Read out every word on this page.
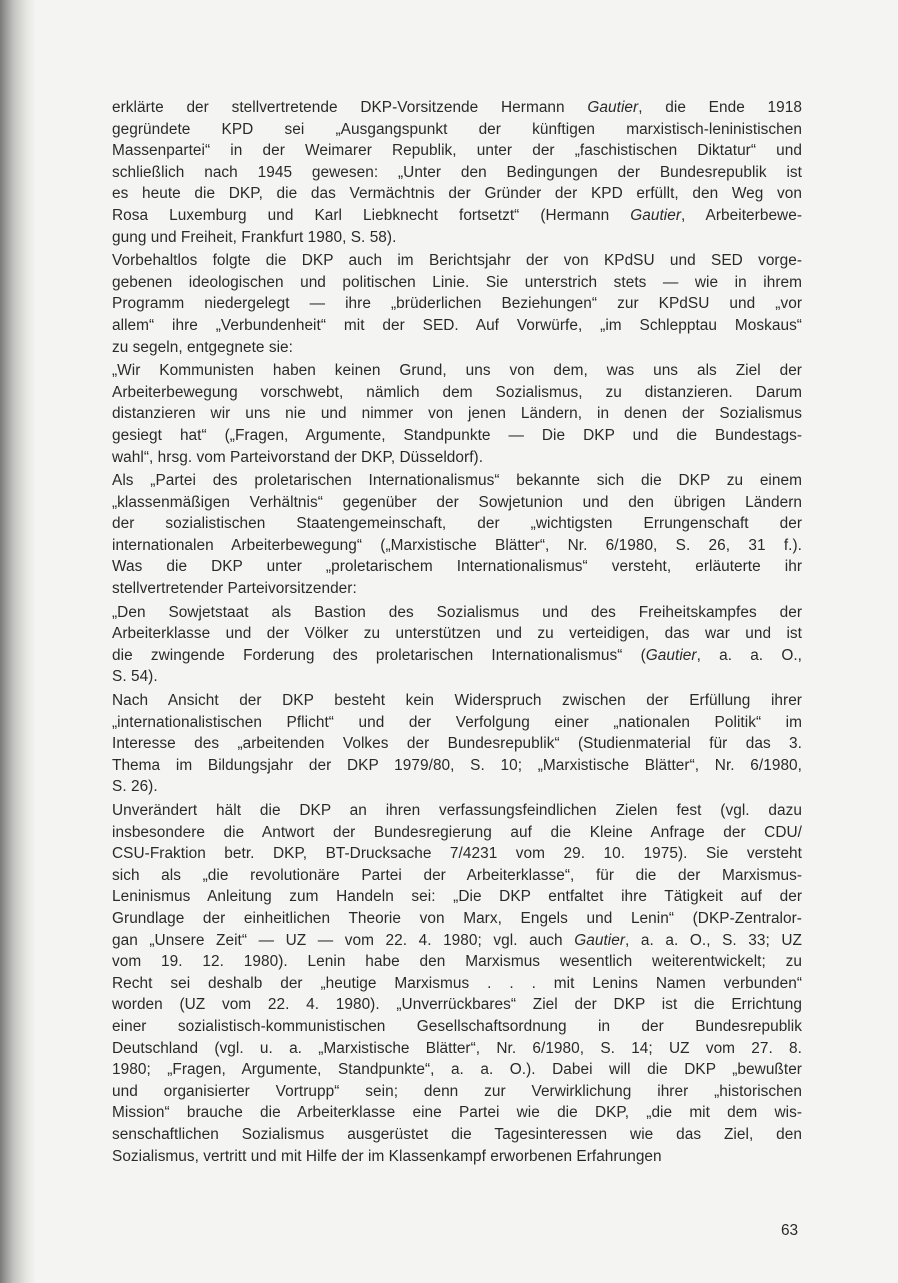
erklärte der stellvertretende DKP-Vorsitzende Hermann Gautier, die Ende 1918
gegründete KPD sei „Ausgangspunkt der künftigen marxistisch-leninistischen
Massenpartei“ in der Weimarer Republik, unter der „faschistischen Diktatur“ und
schließlich nach 1945 gewesen: „Unter den Bedingungen der Bundesrepublik ist
es heute die DKP, die das Vermächtnis der Gründer der KPD erfüllt, den Weg von
Rosa Luxemburg und Karl Liebknecht fortsetzt“ (Hermann Gautier, Arbeiterbewe-
gung und Freiheit, Frankfurt 1980, S. 58).
Vorbehaltlos folgte die DKP auch im Berichtsjahr der von KPdSU und SED vorge-
gebenen ideologischen und politischen Linie. Sie unterstrich stets — wie in ihrem
Programm niedergelegt — ihre „brüderlichen Beziehungen“ zur KPdSU und „vor
allem“ ihre „Verbundenheit“ mit der SED. Auf Vorwürfe, „im Schlepptau Moskaus“
zu segeln, entgegnete sie:
„Wir Kommunisten haben keinen Grund, uns von dem, was uns als Ziel der
Arbeiterbewegung vorschwebt, nämlich dem Sozialismus, zu distanzieren. Darum
distanzieren wir uns nie und nimmer von jenen Ländern, in denen der Sozialismus
gesiegt hat“ („Fragen, Argumente, Standpunkte — Die DKP und die Bundestags-
wahl“, hrsg. vom Parteivorstand der DKP, Düsseldorf).
Als „Partei des proletarischen Internationalismus“ bekannte sich die DKP zu einem
„klassenmäßigen Verhältnis“ gegenüber der Sowjetunion und den übrigen Ländern
der sozialistischen Staatengemeinschaft, der „wichtigsten Errungenschaft der
internationalen Arbeiterbewegung“ („Marxistische Blätter“, Nr. 6/1980, S. 26, 31 f.).
Was die DKP unter „proletarischem Internationalismus“ versteht, erläuterte ihr
stellvertretender Parteivorsitzender:
„Den Sowjetstaat als Bastion des Sozialismus und des Freiheitskampfes der
Arbeiterklasse und der Völker zu unterstützen und zu verteidigen, das war und ist
die zwingende Forderung des proletarischen Internationalismus“ (Gautier, a. a. O.,
S. 54).
Nach Ansicht der DKP besteht kein Widerspruch zwischen der Erfüllung ihrer
„internationalistischen Pflicht“ und der Verfolgung einer „nationalen Politik“ im
Interesse des „arbeitenden Volkes der Bundesrepublik“ (Studienmaterial für das 3.
Thema im Bildungsjahr der DKP 1979/80, S. 10; „Marxistische Blätter“, Nr. 6/1980,
S. 26).
Unverändert hält die DKP an ihren verfassungsfeindlichen Zielen fest (vgl. dazu
insbesondere die Antwort der Bundesregierung auf die Kleine Anfrage der CDU/
CSU-Fraktion betr. DKP, BT-Drucksache 7/4231 vom 29. 10. 1975). Sie versteht
sich als „die revolutionäre Partei der Arbeiterklasse“, für die der Marxismus-
Leninismus Anleitung zum Handeln sei: „Die DKP entfaltet ihre Tätigkeit auf der
Grundlage der einheitlichen Theorie von Marx, Engels und Lenin“ (DKP-Zentralor-
gan „Unsere Zeit“ — UZ — vom 22. 4. 1980; vgl. auch Gautier, a. a. O., S. 33; UZ
vom 19. 12. 1980). Lenin habe den Marxismus wesentlich weiterentwickelt; zu
Recht sei deshalb der „heutige Marxismus . . . mit Lenins Namen verbunden“
worden (UZ vom 22. 4. 1980). „Unverrückbares“ Ziel der DKP ist die Errichtung
einer sozialistisch-kommunistischen Gesellschaftsordnung in der Bundesrepublik
Deutschland (vgl. u. a. „Marxistische Blätter“, Nr. 6/1980, S. 14; UZ vom 27. 8.
1980; „Fragen, Argumente, Standpunkte“, a. a. O.). Dabei will die DKP „bewußter
und organisierter Vortrupp“ sein; denn zur Verwirklichung ihrer „historischen
Mission“ brauche die Arbeiterklasse eine Partei wie die DKP, „die mit dem wis-
senschaftlichen Sozialismus ausgerüstet die Tagesinteressen wie das Ziel, den
Sozialismus, vertritt und mit Hilfe der im Klassenkampf erworbenen Erfahrungen
63
